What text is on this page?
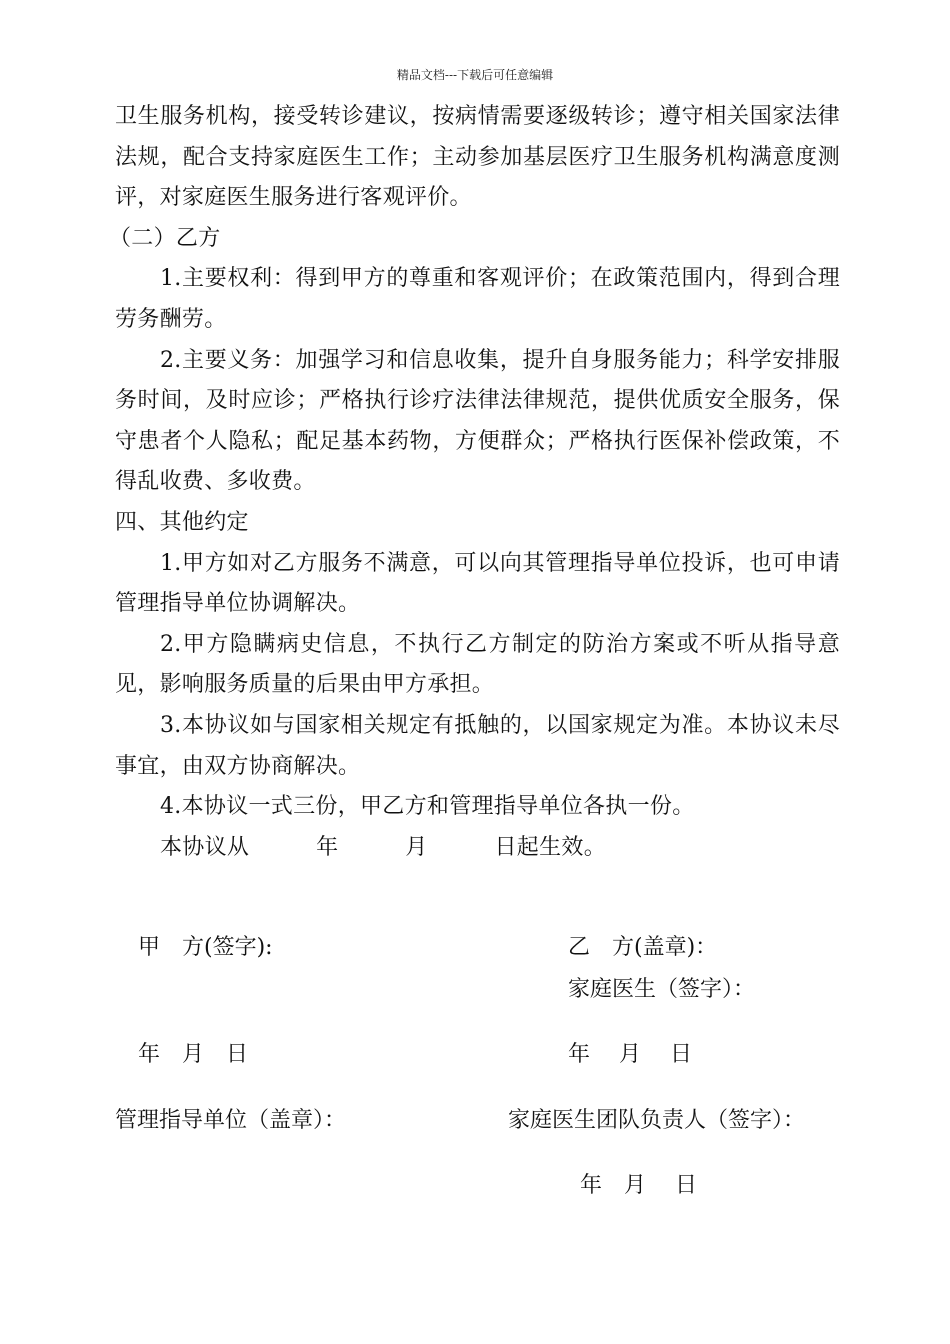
精品文档---下载后可任意编辑

卫生服务机构，接受转诊建议，按病情需要逐级转诊；遵守相关国家法律法规，配合支持家庭医生工作；主动参加基层医疗卫生服务机构满意度测评，对家庭医生服务进行客观评价。

（二）乙方

1.主要权利：得到甲方的尊重和客观评价；在政策范围内，得到合理劳务酬劳。

2.主要义务：加强学习和信息收集，提升自身服务能力；科学安排服务时间，及时应诊；严格执行诊疗法律法律规范，提供优质安全服务，保守患者个人隐私；配足基本药物，方便群众；严格执行医保补偿政策，不得乱收费、多收费。

四、其他约定

1.甲方如对乙方服务不满意，可以向其管理指导单位投诉，也可申请管理指导单位协调解决。

2.甲方隐瞒病史信息，不执行乙方制定的防治方案或不听从指导意见，影响服务质量的后果由甲方承担。

3.本协议如与国家相关规定有抵触的，以国家规定为准。本协议未尽事宜，由双方协商解决。

4.本协议一式三份，甲乙方和管理指导单位各执一份。

本协议从　　　年　　　月　　　日起生效。

甲　方(签字):	乙　方(盖章)：
家庭医生（签字）：
年　月　日	年　 月　 日
管理指导单位（盖章）：	家庭医生团队负责人（签字）：
年　月　 日
